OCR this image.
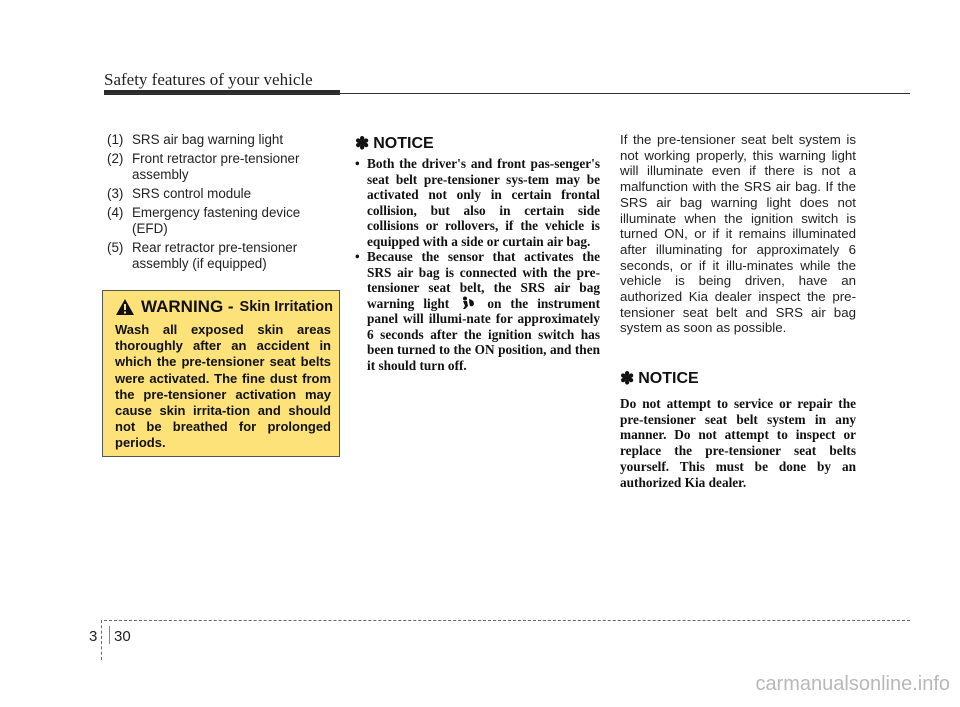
Safety features of your vehicle
(1) SRS air bag warning light
(2) Front retractor pre-tensioner assembly
(3) SRS control module
(4) Emergency fastening device (EFD)
(5) Rear retractor pre-tensioner assembly (if equipped)
WARNING - Skin Irritation
Wash all exposed skin areas thoroughly after an accident in which the pre-tensioner seat belts were activated. The fine dust from the pre-tensioner activation may cause skin irrita-tion and should not be breathed for prolonged periods.
✽ NOTICE
• Both the driver's and front pas-senger's seat belt pre-tensioner sys-tem may be activated not only in certain frontal collision, but also in certain side collisions or rollovers, if the vehicle is equipped with a side or curtain air bag.
• Because the sensor that activates the SRS air bag is connected with the pre-tensioner seat belt, the SRS air bag warning light	on the instrument panel will illumi-nate for approximately 6 seconds after the ignition switch has been turned to the ON position, and then it should turn off.
If the pre-tensioner seat belt system is not working properly, this warning light will illuminate even if there is not a malfunction with the SRS air bag. If the SRS air bag warning light does not illuminate when the ignition switch is turned ON, or if it remains illuminated after illuminating for approximately 6 seconds, or if it illu-minates while the vehicle is being driven, have an authorized Kia dealer inspect the pre-tensioner seat belt and SRS air bag system as soon as possible.
✽ NOTICE
Do not attempt to service or repair the pre-tensioner seat belt system in any manner. Do not attempt to inspect or replace the pre-tensioner seat belts yourself. This must be done by an authorized Kia dealer.
3 30
carmanualsonline.info
